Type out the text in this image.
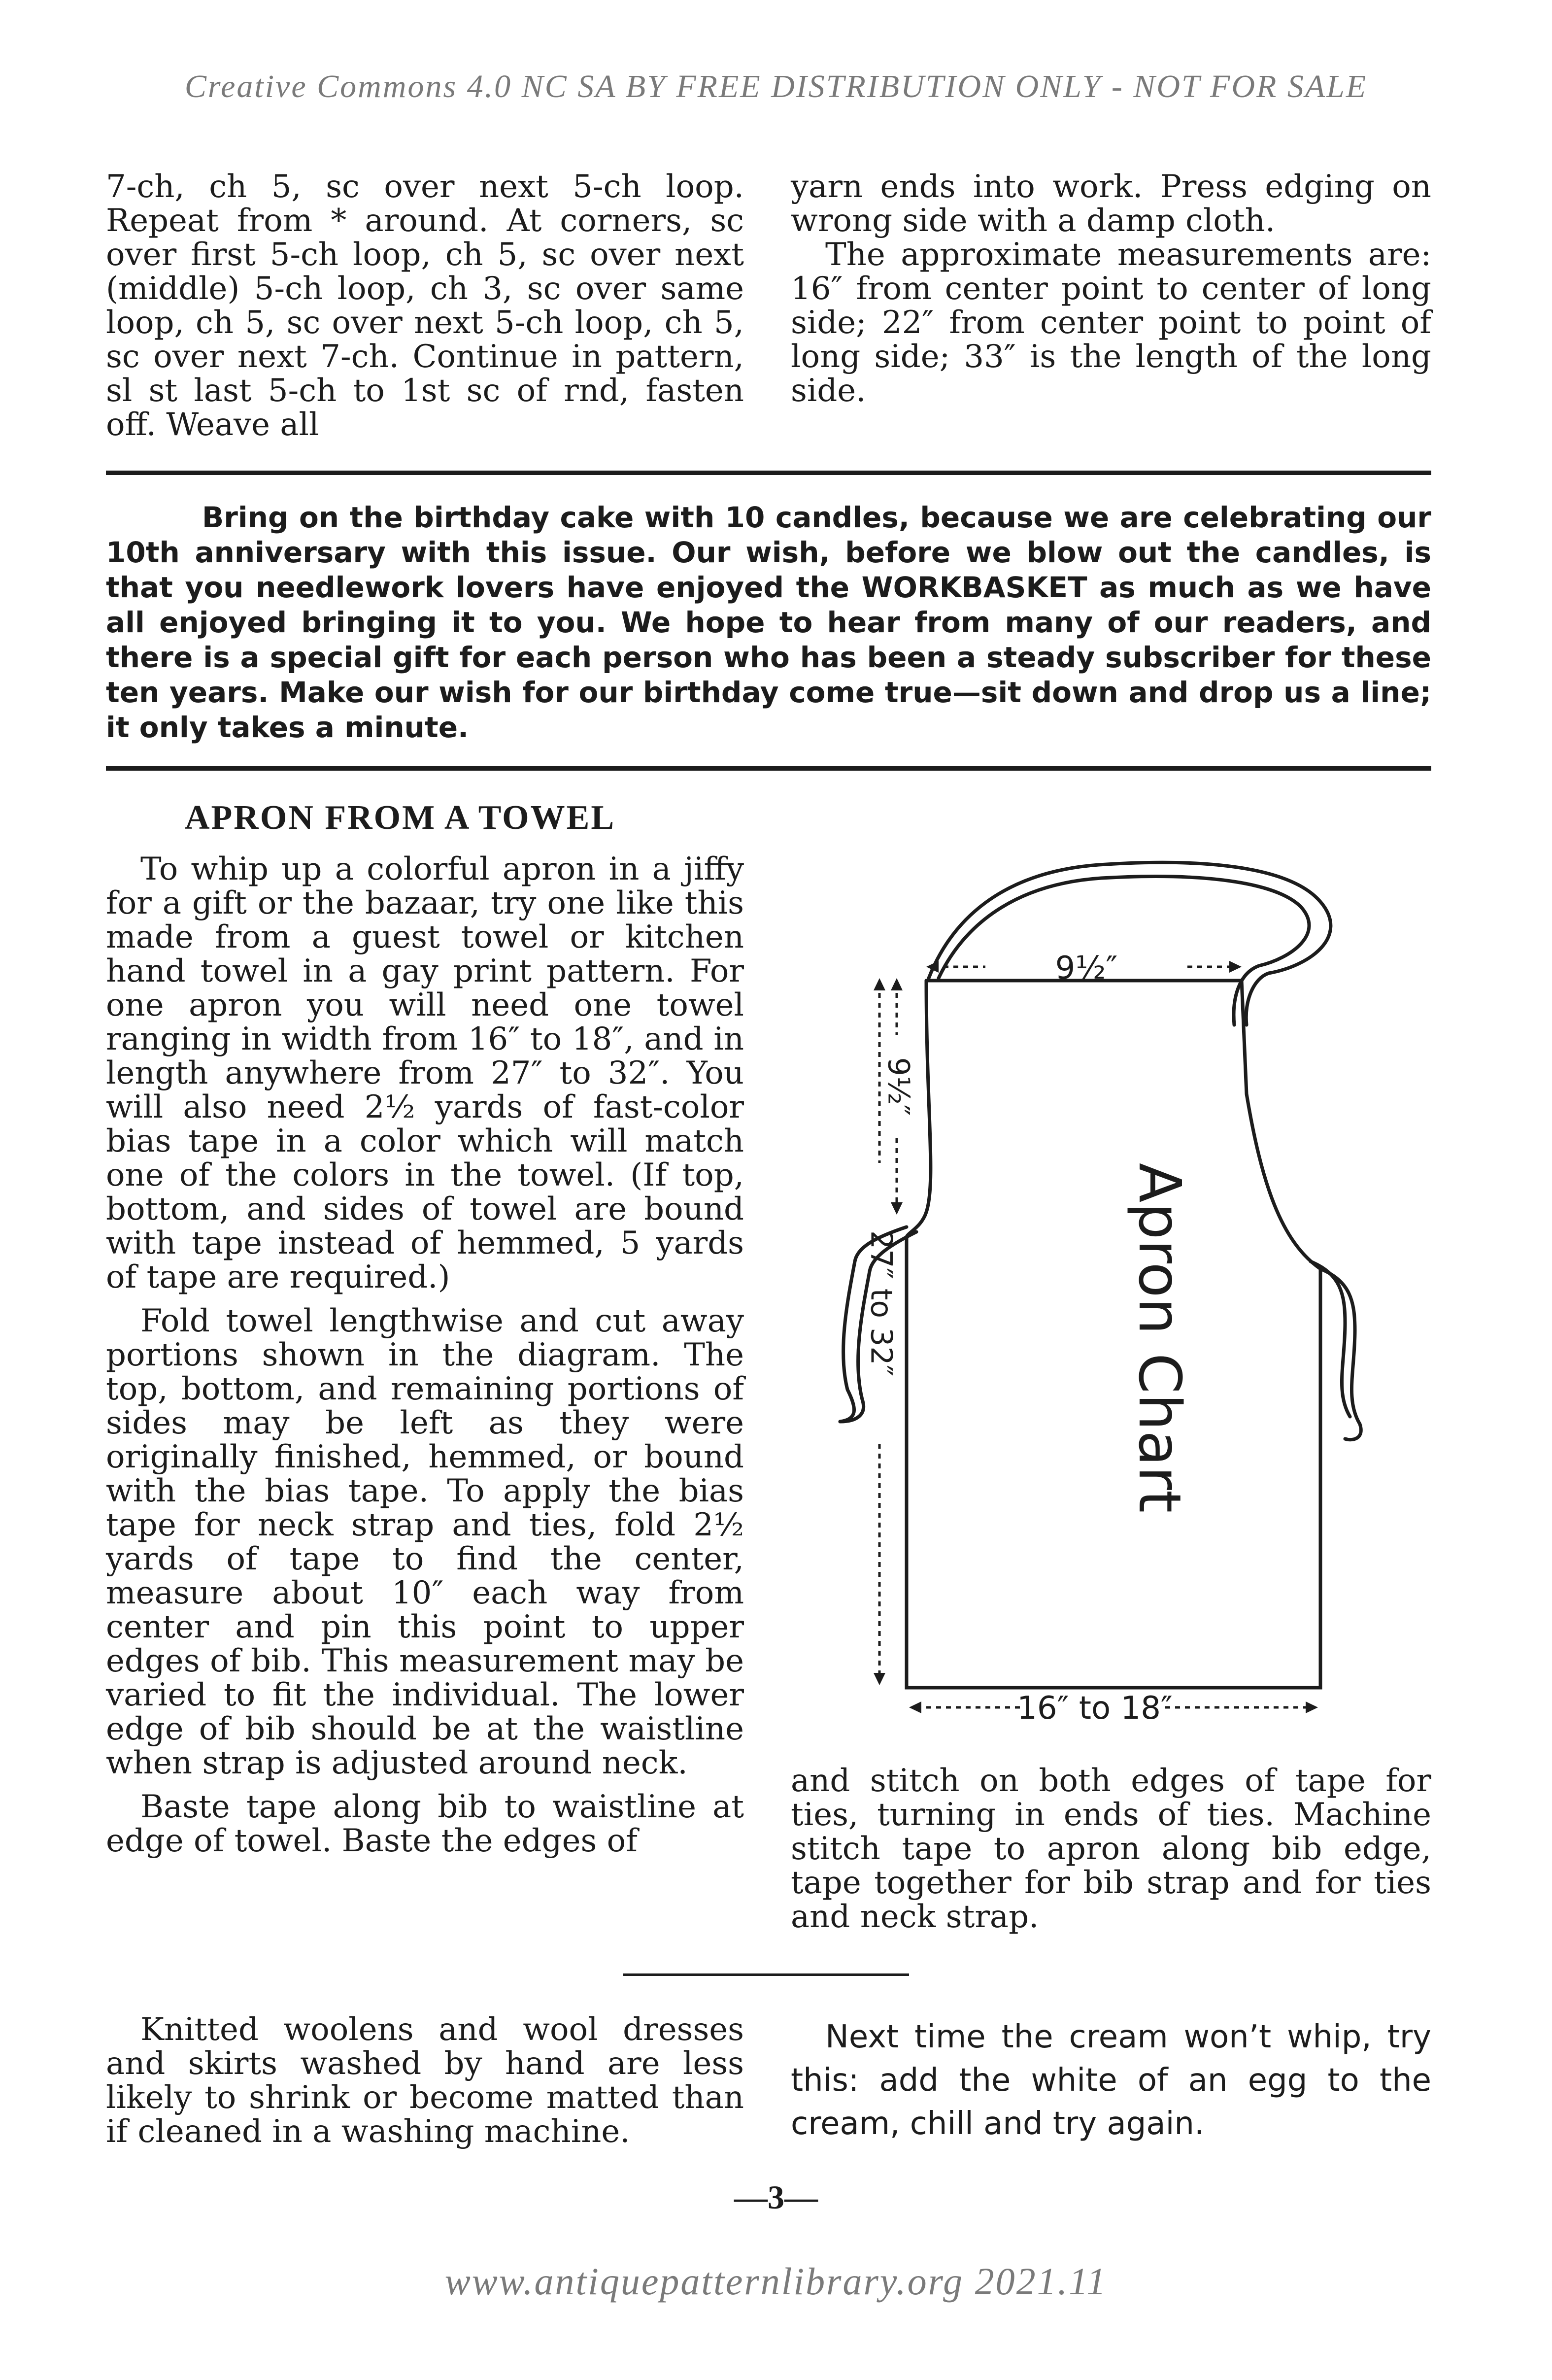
Creative Commons 4.0 NC SA BY FREE DISTRIBUTION ONLY - NOT FOR SALE

7-ch, ch 5, sc over next 5-ch loop. Repeat from * around. At corners, sc over first 5-ch loop, ch 5, sc over next (middle) 5-ch loop, ch 3, sc over same loop, ch 5, sc over next 5-ch loop, ch 5, sc over next 7-ch. Continue in pattern, sl st last 5-ch to 1st sc of rnd, fasten off. Weave all

yarn ends into work. Press edging on wrong side with a damp cloth.

The approximate measurements are: 16″ from center point to center of long side; 22″ from center point to point of long side; 33″ is the length of the long side.

Bring on the birthday cake with 10 candles, because we are celebrating our 10th anniversary with this issue. Our wish, before we blow out the candles, is that you needlework lovers have enjoyed the WORKBASKET as much as we have all enjoyed bringing it to you. We hope to hear from many of our readers, and there is a special gift for each person who has been a steady subscriber for these ten years. Make our wish for our birthday come true—sit down and drop us a line; it only takes a minute.
APRON FROM A TOWEL

To whip up a colorful apron in a jiffy for a gift or the bazaar, try one like this made from a guest towel or kitchen hand towel in a gay print pattern. For one apron you will need one towel ranging in width from 16″ to 18″, and in length anywhere from 27″ to 32″. You will also need 2½ yards of fast-color bias tape in a color which will match one of the colors in the towel. (If top, bottom, and sides of towel are bound with tape instead of hemmed, 5 yards of tape are required.)

Fold towel lengthwise and cut away portions shown in the diagram. The top, bottom, and remaining portions of sides may be left as they were originally finished, hemmed, or bound with the bias tape. To apply the bias tape for neck strap and ties, fold 2½ yards of tape to find the center, measure about 10″ each way from center and pin this point to upper edges of bib. This measurement may be varied to fit the individual. The lower edge of bib should be at the waistline when strap is adjusted around neck.

Baste tape along bib to waistline at edge of towel. Baste the edges of

9½″
9½″
27″ to 32″
16″ to 18″
Apron Chart

and stitch on both edges of tape for ties, turning in ends of ties. Machine stitch tape to apron along bib edge, tape together for bib strap and for ties and neck strap.

Knitted woolens and wool dresses and skirts washed by hand are less likely to shrink or become matted than if cleaned in a washing machine.

Next time the cream won’t whip, try this: add the white of an egg to the cream, chill and try again.

—3—
www.antiquepatternlibrary.org 2021.11
